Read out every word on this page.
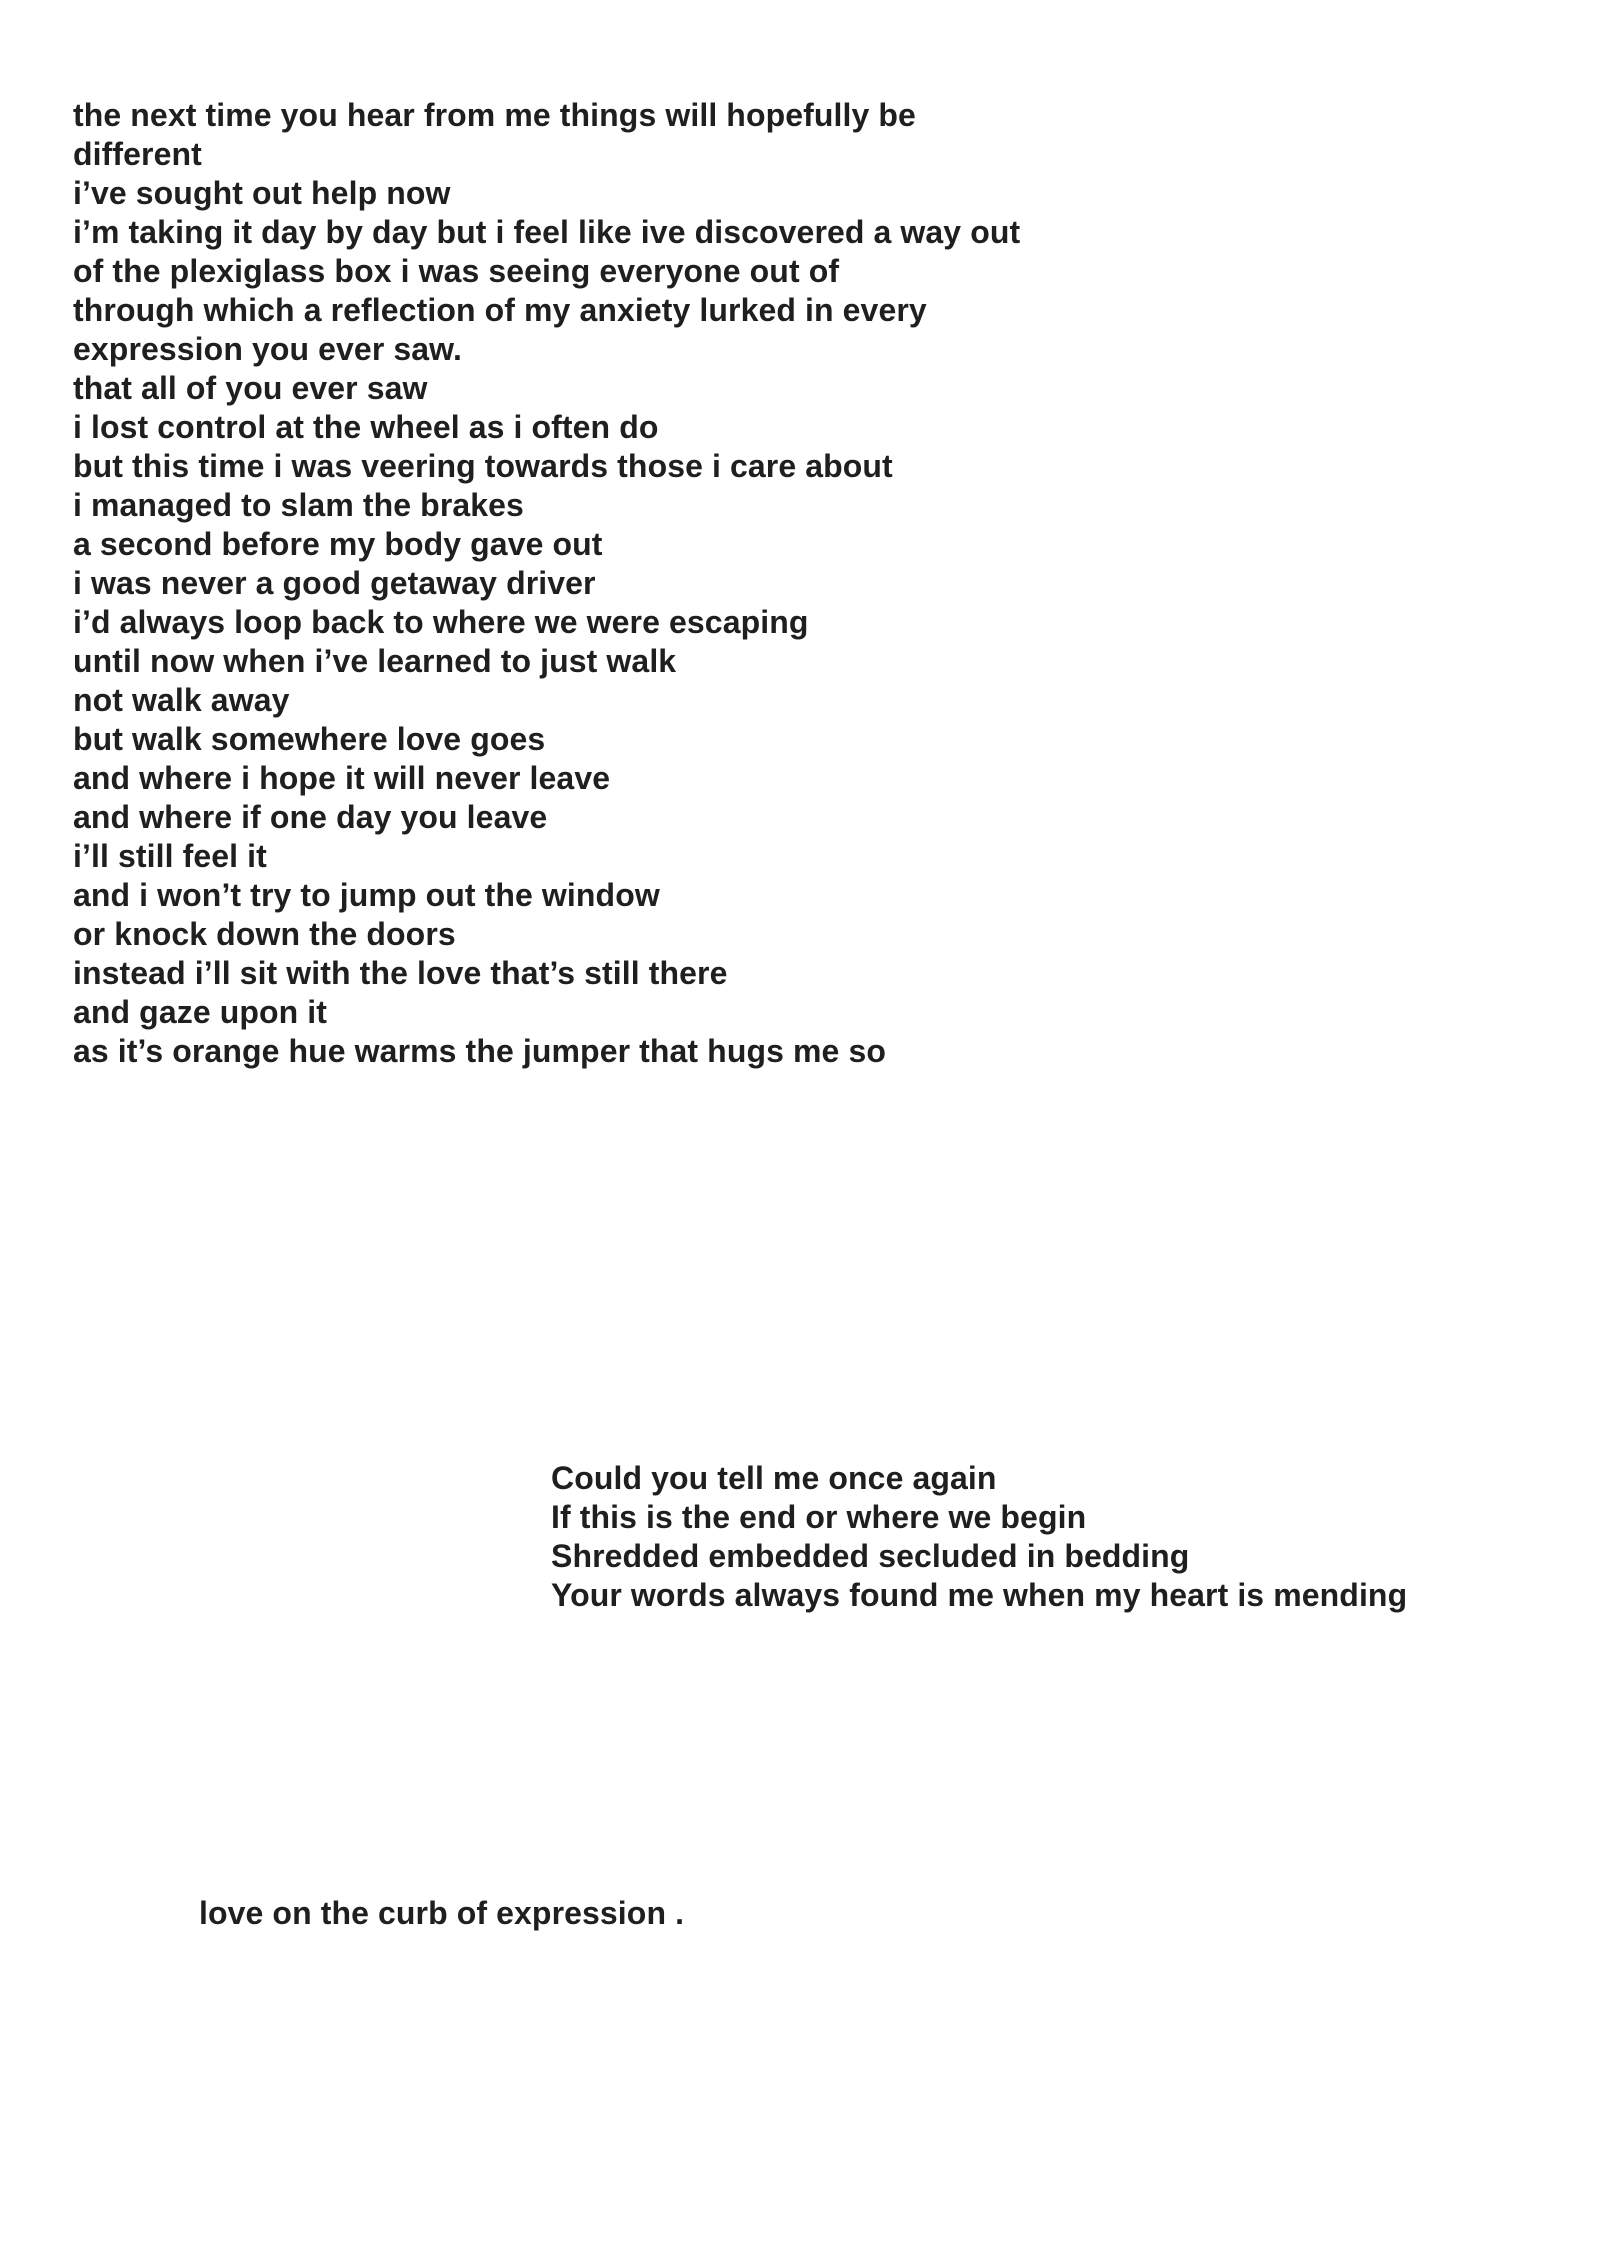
the next time you hear from me things will hopefully be
different
i’ve sought out help now
i’m taking it day by day but i feel like ive discovered a way out
of the plexiglass box i was seeing everyone out of
through which a reflection of my anxiety lurked in every
expression you ever saw.
that all of you ever saw
i lost control at the wheel as i often do
but this time i was veering towards those i care about
i managed to slam the brakes
a second before my body gave out
i was never a good getaway driver
i’d always loop back to where we were escaping
until now when i’ve learned to just walk
not walk away
but walk somewhere love goes
and where i hope it will never leave
and where if one day you leave
i’ll still feel it
and i won’t try to jump out the window
or knock down the doors
instead i’ll sit with the love that’s still there
and gaze upon it
as it’s orange hue warms the jumper that hugs me so
Could you tell me once again
If this is the end or where we begin
Shredded embedded secluded in bedding
Your words always found me when my heart is mending
love on the curb of expression .
